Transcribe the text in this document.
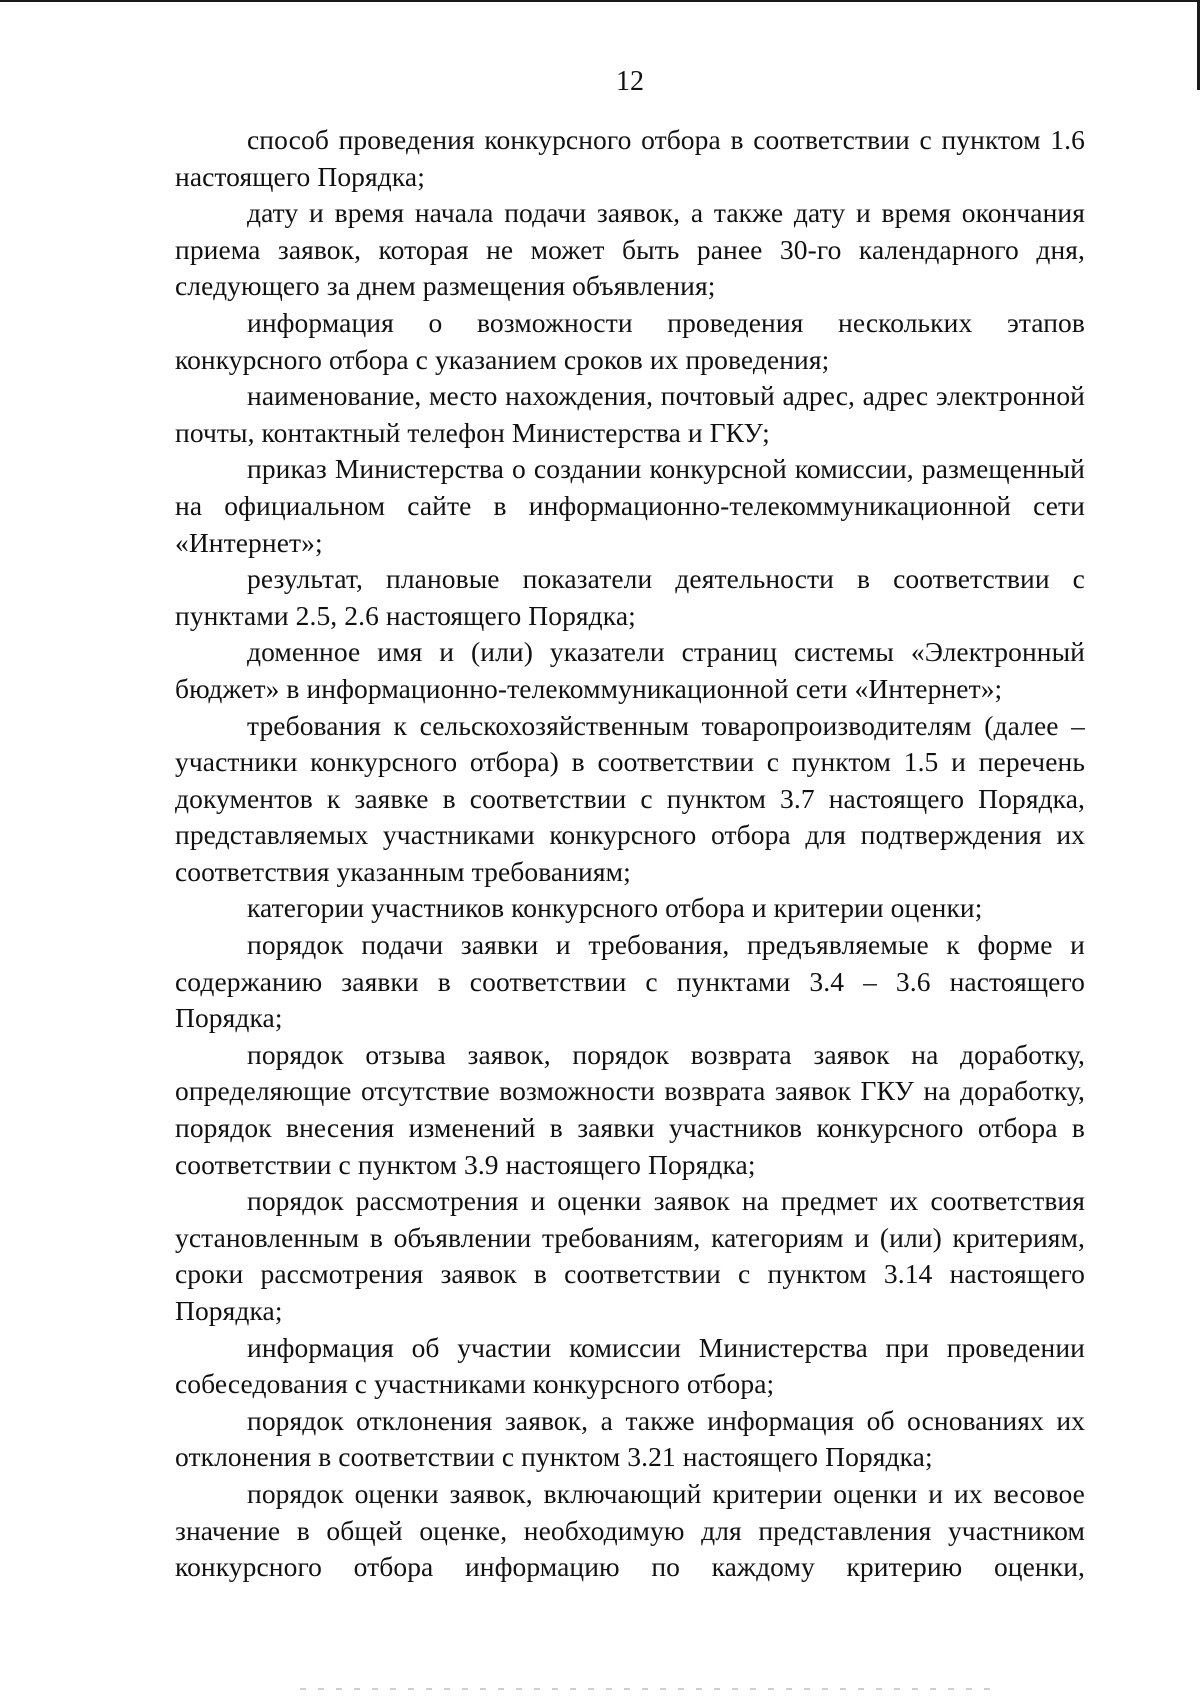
12

способ проведения конкурсного отбора в соответствии с пунктом 1.6 настоящего Порядка;

дату и время начала подачи заявок, а также дату и время окончания приема заявок, которая не может быть ранее 30-го календарного дня, следующего за днем размещения объявления;

информация о возможности проведения нескольких этапов конкурсного отбора с указанием сроков их проведения;

наименование, место нахождения, почтовый адрес, адрес электронной почты, контактный телефон Министерства и ГКУ;

приказ Министерства о создании конкурсной комиссии, размещенный на официальном сайте в информационно-телекоммуникационной сети «Интернет»;

результат, плановые показатели деятельности в соответствии с пунктами 2.5, 2.6 настоящего Порядка;

доменное имя и (или) указатели страниц системы «Электронный бюджет» в информационно-телекоммуникационной сети «Интернет»;

требования к сельскохозяйственным товаропроизводителям (далее – участники конкурсного отбора) в соответствии с пунктом 1.5 и перечень документов к заявке в соответствии с пунктом 3.7 настоящего Порядка, представляемых участниками конкурсного отбора для подтверждения их соответствия указанным требованиям;

категории участников конкурсного отбора и критерии оценки;

порядок подачи заявки и требования, предъявляемые к форме и содержанию заявки в соответствии с пунктами 3.4 – 3.6 настоящего Порядка;

порядок отзыва заявок, порядок возврата заявок на доработку, определяющие отсутствие возможности возврата заявок ГКУ на доработку, порядок внесения изменений в заявки участников конкурсного отбора в соответствии с пунктом 3.9 настоящего Порядка;

порядок рассмотрения и оценки заявок на предмет их соответствия установленным в объявлении требованиям, категориям и (или) критериям, сроки рассмотрения заявок в соответствии с пунктом 3.14 настоящего Порядка;

информация об участии комиссии Министерства при проведении собеседования с участниками конкурсного отбора;

порядок отклонения заявок, а также информация об основаниях их отклонения в соответствии с пунктом 3.21 настоящего Порядка;

порядок оценки заявок, включающий критерии оценки и их весовое значение в общей оценке, необходимую для представления участником конкурсного отбора информацию по каждому критерию оценки,
